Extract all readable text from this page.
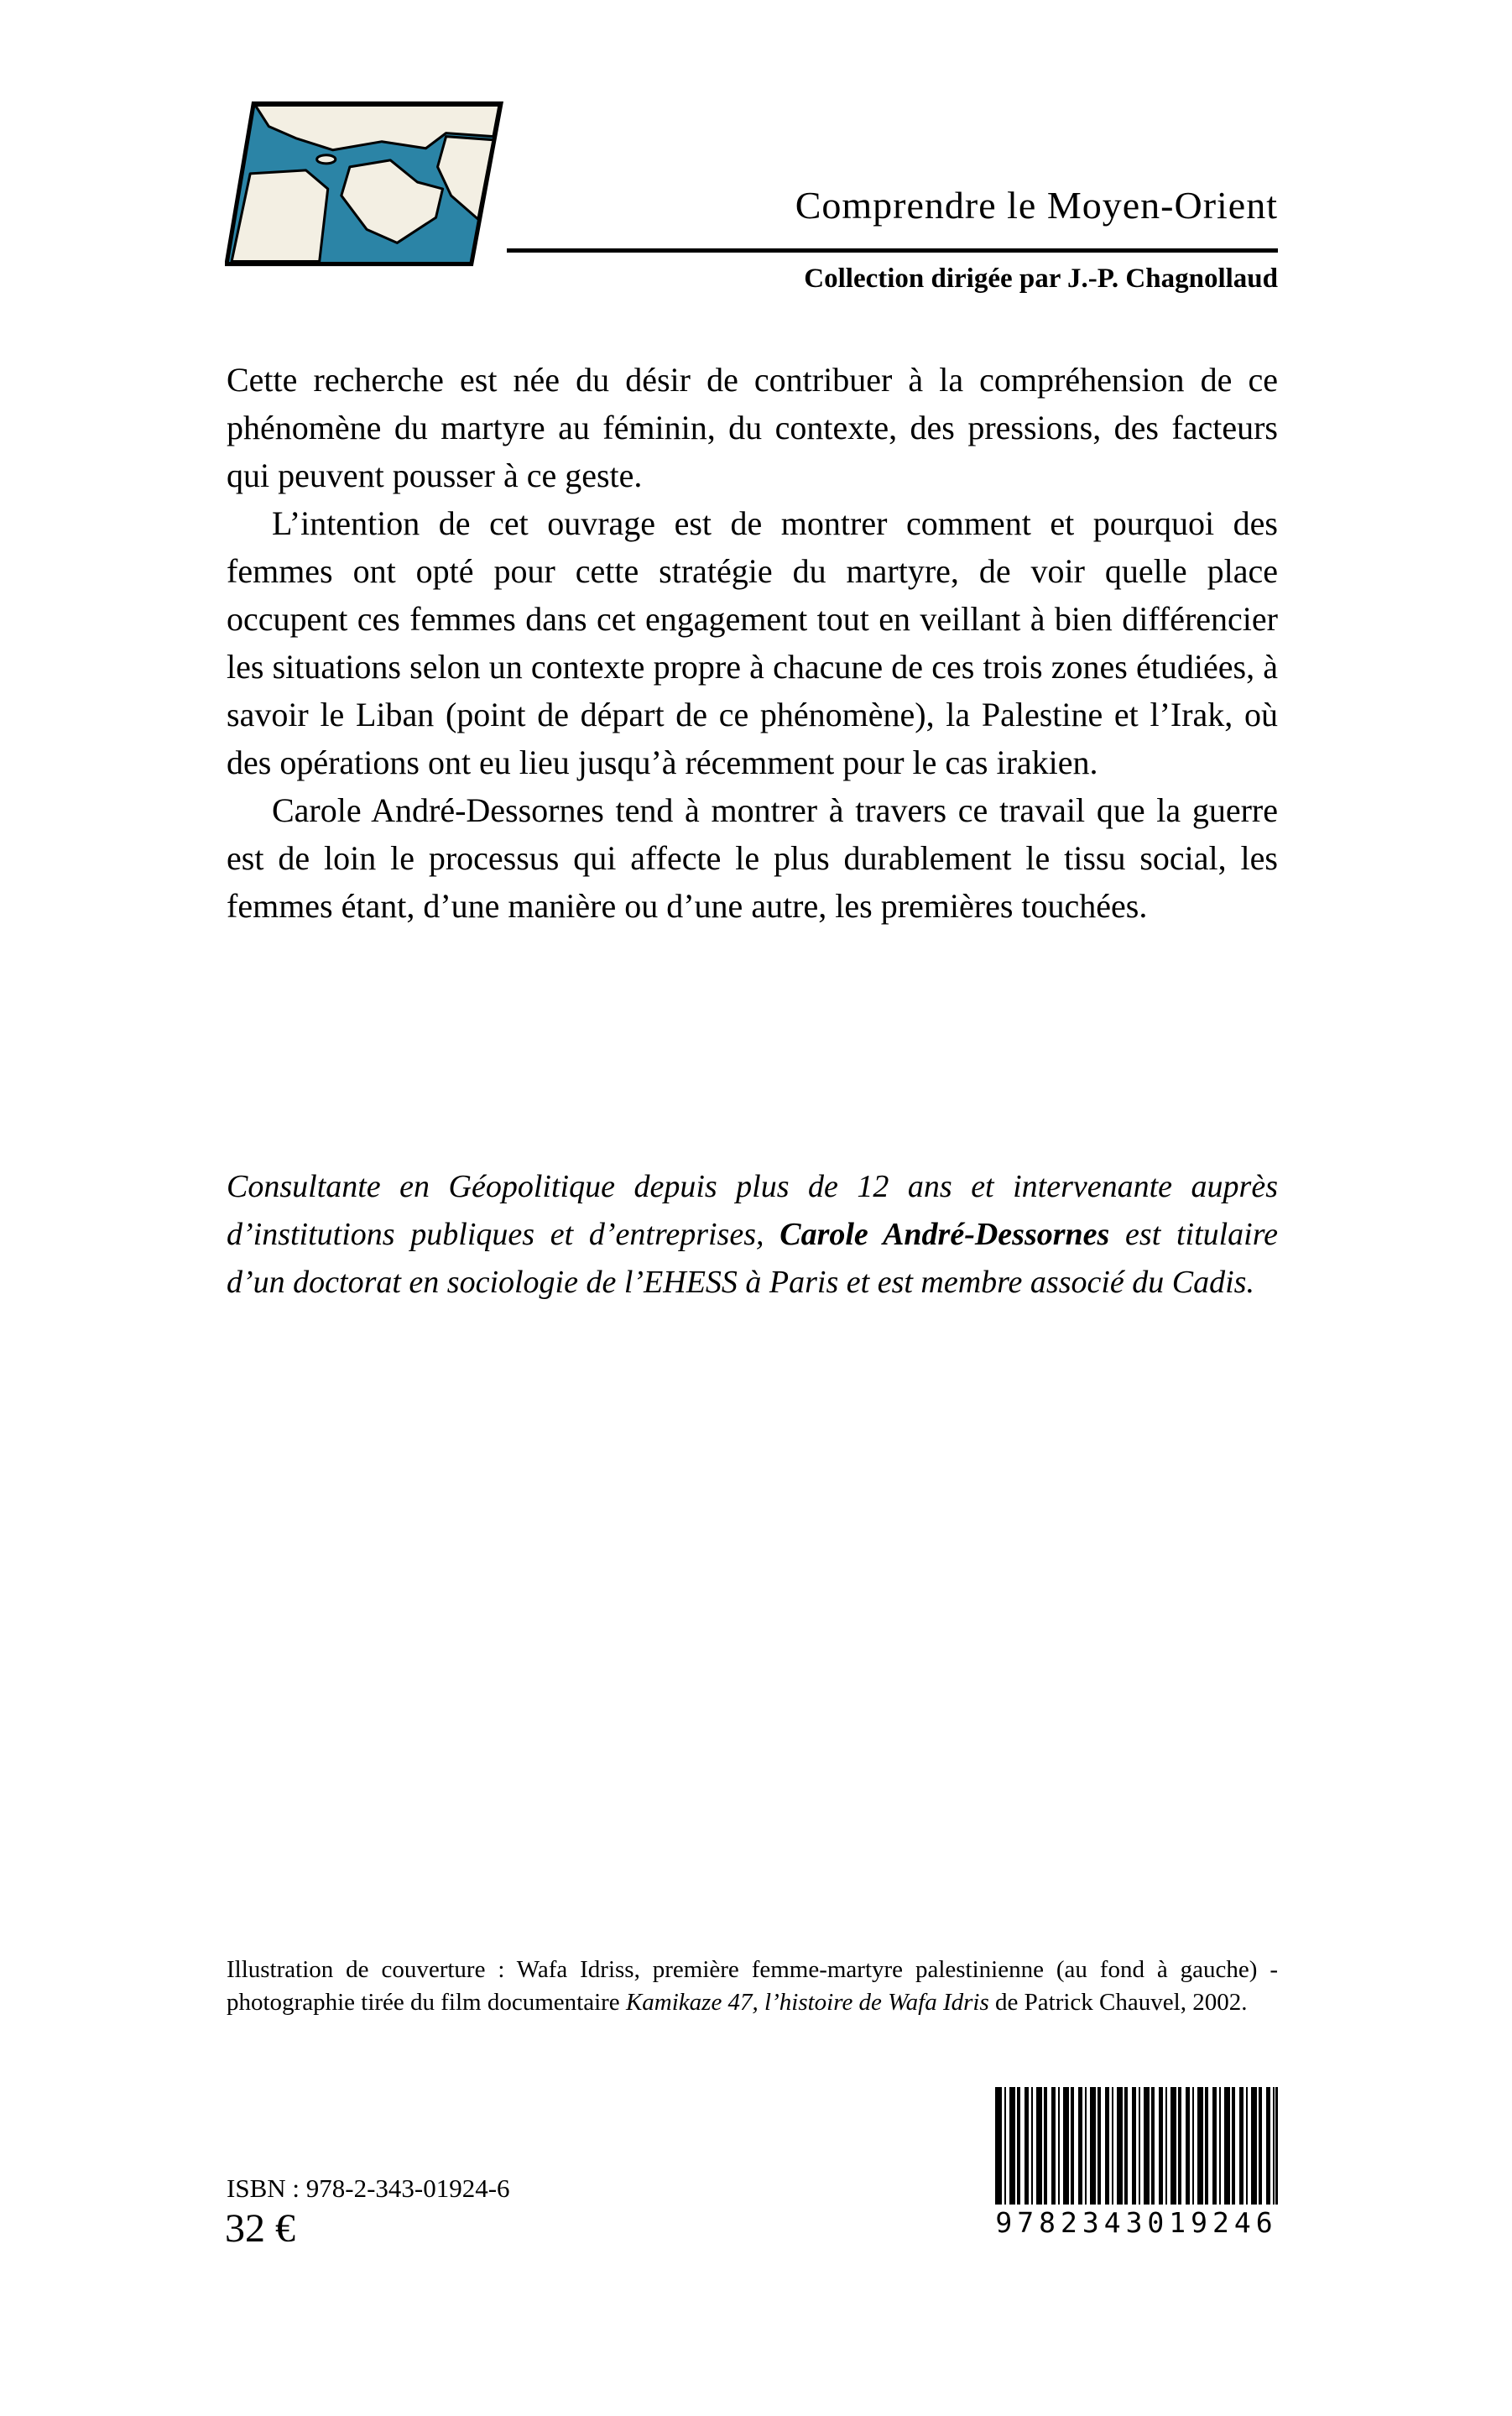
Comprendre le Moyen-Orient
Collection dirigée par J.-P. Chagnollaud

Cette recherche est née du désir de contribuer à la compréhension de ce phénomène du martyre au féminin, du contexte, des pressions, des facteurs qui peuvent pousser à ce geste.

L’intention de cet ouvrage est de montrer comment et pourquoi des femmes ont opté pour cette stratégie du martyre, de voir quelle place occupent ces femmes dans cet engagement tout en veillant à bien différencier les situations selon un contexte propre à chacune de ces trois zones étudiées, à savoir le Liban (point de départ de ce phénomène), la Palestine et l’Irak, où des opérations ont eu lieu jusqu’à récemment pour le cas irakien.

Carole André-Dessornes tend à montrer à travers ce travail que la guerre est de loin le processus qui affecte le plus durablement le tissu social, les femmes étant, d’une manière ou d’une autre, les premières touchées.

Consultante en Géopolitique depuis plus de 12 ans et intervenante auprès d’institutions publiques et d’entreprises, Carole André-Dessornes est titulaire d’un doctorat en sociologie de l’EHESS à Paris et est membre associé du Cadis.

Illustration de couverture : Wafa Idriss, première femme-martyre palestinienne (au fond à gauche) - photographie tirée du film documentaire Kamikaze 47, l’histoire de Wafa Idris de Patrick Chauvel, 2002.

9782343019246
ISBN : 978-2-343-01924-6
32 €
